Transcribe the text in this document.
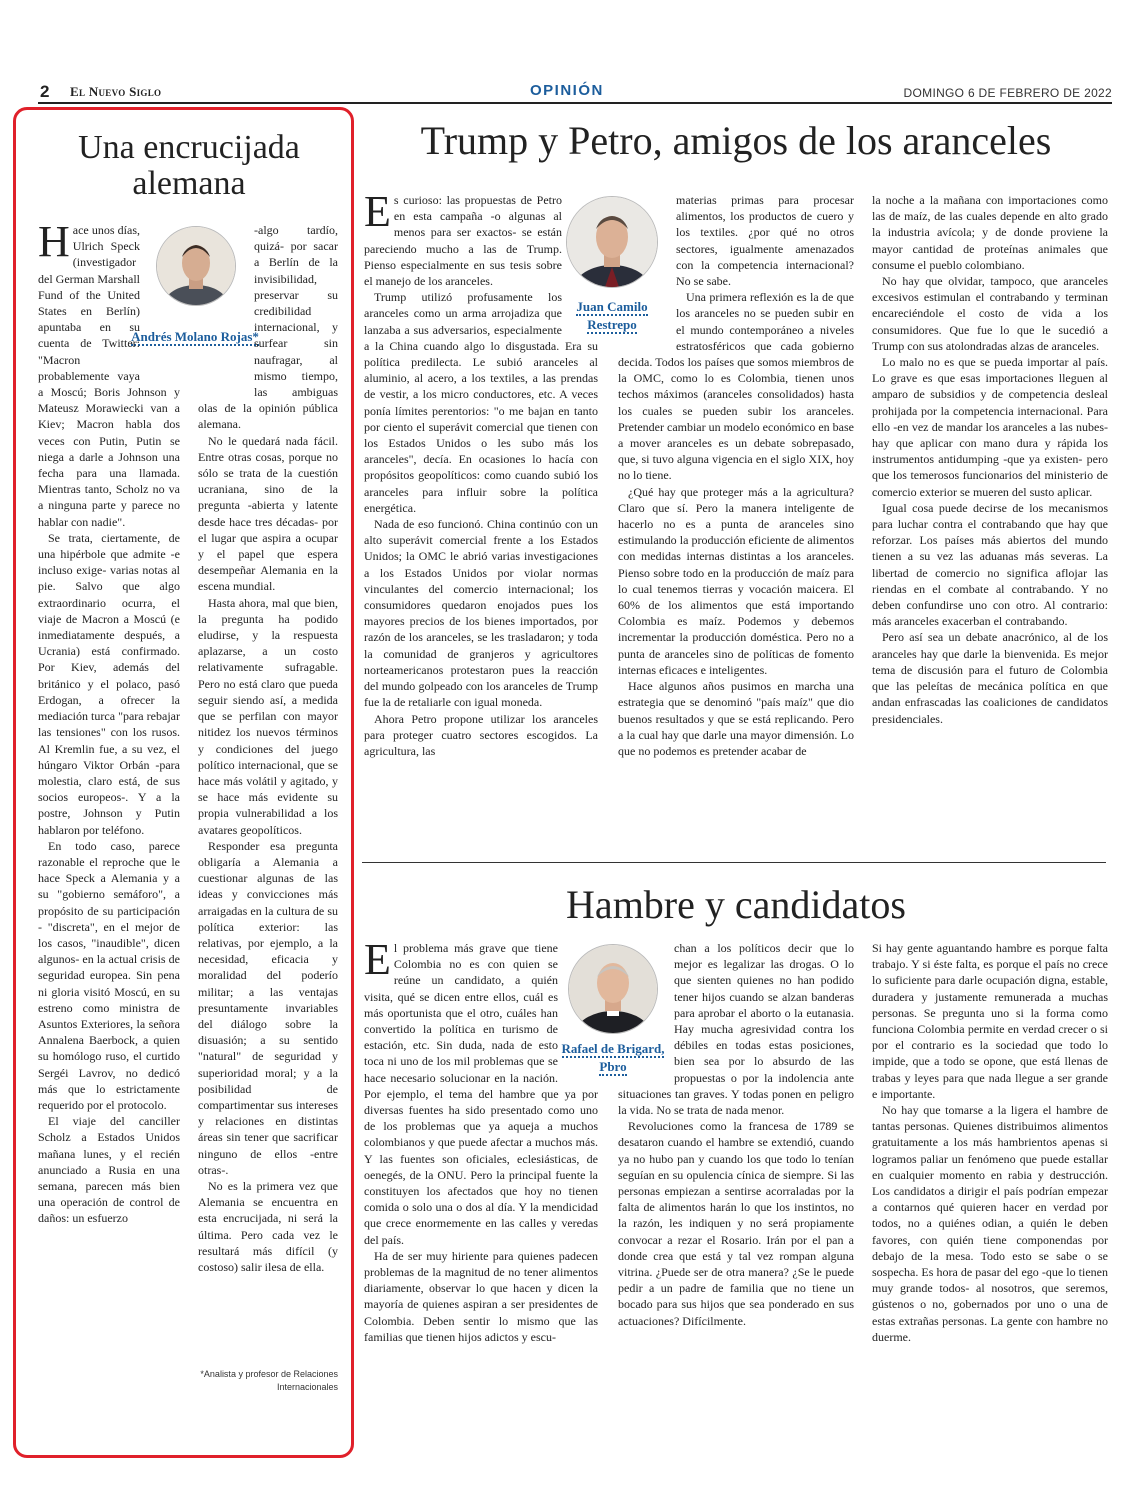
2 El Nuevo Siglo	OPINIÓN	DOMINGO 6 DE FEBRERO DE 2022
Una encrucijada alemana
Andrés Molano Rojas*

Hace unos días, Ulrich Speck (investigador del German Marshall Fund of the United States en Berlín) apuntaba en su cuenta de Twitter: "Macron probablemente vaya a Moscú; Boris Johnson y Mateusz Morawiecki van a Kiev; Macron habla dos veces con Putin, Putin se niega a darle a Johnson una fecha para una llamada. Mientras tanto, Scholz no va a ninguna parte y parece no hablar con nadie".

Se trata, ciertamente, de una hipérbole que admite -e incluso exige- varias notas al pie. Salvo que algo extraordinario ocurra, el viaje de Macron a Moscú (e inmediatamente después, a Ucrania) está confirmado. Por Kiev, además del británico y el polaco, pasó Erdogan, a ofrecer la mediación turca "para rebajar las tensiones" con los rusos. Al Kremlin fue, a su vez, el húngaro Viktor Orbán -para molestia, claro está, de sus socios europeos-. Y a la postre, Johnson y Putin hablaron por teléfono.

En todo caso, parece razonable el reproche que le hace Speck a Alemania y a su "gobierno semáforo", a propósito de su participación - "discreta", en el mejor de los casos, "inaudible", dicen algunos- en la actual crisis de seguridad europea. Sin pena ni gloria visitó Moscú, en su estreno como ministra de Asuntos Exteriores, la señora Annalena Baerbock, a quien su homólogo ruso, el curtido Sergéi Lavrov, no dedicó más que lo estrictamente requerido por el protocolo.

El viaje del canciller Scholz a Estados Unidos mañana lunes, y el recién anunciado a Rusia en una semana, parecen más bien una operación de control de daños: un esfuerzo

-algo tardío, quizá- por sacar a Berlín de la invisibilidad, preservar su credibilidad internacional, y surfear sin naufragar, al mismo tiempo, las ambiguas olas de la opinión pública alemana.

No le quedará nada fácil. Entre otras cosas, porque no sólo se trata de la cuestión ucraniana, sino de la pregunta -abierta y latente desde hace tres décadas- por el lugar que aspira a ocupar y el papel que espera desempeñar Alemania en la escena mundial.

Hasta ahora, mal que bien, la pregunta ha podido eludirse, y la respuesta aplazarse, a un costo relativamente sufragable. Pero no está claro que pueda seguir siendo así, a medida que se perfilan con mayor nitidez los nuevos términos y condiciones del juego político internacional, que se hace más volátil y agitado, y se hace más evidente su propia vulnerabilidad a los avatares geopolíticos.

Responder esa pregunta obligaría a Alemania a cuestionar algunas de las ideas y convicciones más arraigadas en la cultura de su política exterior: las relativas, por ejemplo, a la necesidad, eficacia y moralidad del poderío militar; a las ventajas presuntamente invariables del diálogo sobre la disuasión; a su sentido "natural" de seguridad y superioridad moral; y a la posibilidad de compartimentar sus intereses y relaciones en distintas áreas sin tener que sacrificar ninguno de ellos -entre otras-.

No es la primera vez que Alemania se encuentra en esta encrucijada, ni será la última. Pero cada vez le resultará más difícil (y costoso) salir ilesa de ella.

*Analista y profesor de Relaciones Internacionales
Trump y Petro, amigos de los aranceles
Juan Camilo Restrepo

Es curioso: las propuestas de Petro en esta campaña -o algunas al menos para ser exactos- se están pareciendo mucho a las de Trump. Pienso especialmente en sus tesis sobre el manejo de los aranceles.

Trump utilizó profusamente los aranceles como un arma arrojadiza que lanzaba a sus adversarios, especialmente a la China cuando algo lo disgustada. Era su política predilecta. Le subió aranceles al aluminio, al acero, a los textiles, a las prendas de vestir, a los micro conductores, etc. A veces ponía límites perentorios: "o me bajan en tanto por ciento el superávit comercial que tienen con los Estados Unidos o les subo más los aranceles", decía. En ocasiones lo hacía con propósitos geopolíticos: como cuando subió los aranceles para influir sobre la política energética.

Nada de eso funcionó. China continúo con un alto superávit comercial frente a los Estados Unidos; la OMC le abrió varias investigaciones a los Estados Unidos por violar normas vinculantes del comercio internacional; los consumidores quedaron enojados pues los mayores precios de los bienes importados, por razón de los aranceles, se les trasladaron; y toda la comunidad de granjeros y agricultores norteamericanos protestaron pues la reacción del mundo golpeado con los aranceles de Trump fue la de retaliarle con igual moneda.

Ahora Petro propone utilizar los aranceles para proteger cuatro sectores escogidos. La agricultura, las

materias primas para procesar alimentos, los productos de cuero y los textiles. ¿por qué no otros sectores, igualmente amenazados con la competencia internacional? No se sabe.

Una primera reflexión es la de que los aranceles no se pueden subir en el mundo contemporáneo a niveles estratosféricos que cada gobierno decida. Todos los países que somos miembros de la OMC, como lo es Colombia, tienen unos techos máximos (aranceles consolidados) hasta los cuales se pueden subir los aranceles. Pretender cambiar un modelo económico en base a mover aranceles es un debate sobrepasado, que, si tuvo alguna vigencia en el siglo XIX, hoy no lo tiene.

¿Qué hay que proteger más a la agricultura? Claro que sí. Pero la manera inteligente de hacerlo no es a punta de aranceles sino estimulando la producción eficiente de alimentos con medidas internas distintas a los aranceles. Pienso sobre todo en la producción de maíz para lo cual tenemos tierras y vocación maicera. El 60% de los alimentos que está importando Colombia es maíz. Podemos y debemos incrementar la producción doméstica. Pero no a punta de aranceles sino de políticas de fomento internas eficaces e inteligentes.

Hace algunos años pusimos en marcha una estrategia que se denominó "país maíz" que dio buenos resultados y que se está replicando. Pero a la cual hay que darle una mayor dimensión. Lo que no podemos es pretender acabar de

la noche a la mañana con importaciones como las de maíz, de las cuales depende en alto grado la industria avícola; y de donde proviene la mayor cantidad de proteínas animales que consume el pueblo colombiano.

No hay que olvidar, tampoco, que aranceles excesivos estimulan el contrabando y terminan encareciéndole el costo de vida a los consumidores. Que fue lo que le sucedió a Trump con sus atolondradas alzas de aranceles.

Lo malo no es que se pueda importar al país. Lo grave es que esas importaciones lleguen al amparo de subsidios y de competencia desleal prohijada por la competencia internacional. Para ello -en vez de mandar los aranceles a las nubes- hay que aplicar con mano dura y rápida los instrumentos antidumping -que ya existen- pero que los temerosos funcionarios del ministerio de comercio exterior se mueren del susto aplicar.

Igual cosa puede decirse de los mecanismos para luchar contra el contrabando que hay que reforzar. Los países más abiertos del mundo tienen a su vez las aduanas más severas. La libertad de comercio no significa aflojar las riendas en el combate al contrabando. Y no deben confundirse uno con otro. Al contrario: más aranceles exacerban el contrabando.

Pero así sea un debate anacrónico, al de los aranceles hay que darle la bienvenida. Es mejor tema de discusión para el futuro de Colombia que las peleítas de mecánica política en que andan enfrascadas las coaliciones de candidatos presidenciales.

Hambre y candidatos
Rafael de Brigard, Pbro

El problema más grave que tiene Colombia no es con quien se reúne un candidato, a quién visita, qué se dicen entre ellos, cuál es más oportunista que el otro, cuáles han convertido la política en turismo de estación, etc. Sin duda, nada de esto toca ni uno de los mil problemas que se hace necesario solucionar en la nación. Por ejemplo, el tema del hambre que ya por diversas fuentes ha sido presentado como uno de los problemas que ya aqueja a muchos colombianos y que puede afectar a muchos más. Y las fuentes son oficiales, eclesiásticas, de oenegés, de la ONU. Pero la principal fuente la constituyen los afectados que hoy no tienen comida o solo una o dos al día. Y la mendicidad que crece enormemente en las calles y veredas del país.

Ha de ser muy hiriente para quienes padecen problemas de la magnitud de no tener alimentos diariamente, observar lo que hacen y dicen la mayoría de quienes aspiran a ser presidentes de Colombia. Deben sentir lo mismo que las familias que tienen hijos adictos y escu-

chan a los políticos decir que lo mejor es legalizar las drogas. O lo que sienten quienes no han podido tener hijos cuando se alzan banderas para aprobar el aborto o la eutanasia. Hay mucha agresividad contra los débiles en todas estas posiciones, bien sea por lo absurdo de las propuestas o por la indolencia ante situaciones tan graves. Y todas ponen en peligro la vida. No se trata de nada menor.

Revoluciones como la francesa de 1789 se desataron cuando el hambre se extendió, cuando ya no hubo pan y cuando los que todo lo tenían seguían en su opulencia cínica de siempre. Si las personas empiezan a sentirse acorraladas por la falta de alimentos harán lo que los instintos, no la razón, les indiquen y no será propiamente convocar a rezar el Rosario. Irán por el pan a donde crea que está y tal vez rompan alguna vitrina. ¿Puede ser de otra manera? ¿Se le puede pedir a un padre de familia que no tiene un bocado para sus hijos que sea ponderado en sus actuaciones? Difícilmente.

Si hay gente aguantando hambre es porque falta trabajo. Y si éste falta, es porque el país no crece lo suficiente para darle ocupación digna, estable, duradera y justamente remunerada a muchas personas. Se pregunta uno si la forma como funciona Colombia permite en verdad crecer o si por el contrario es la sociedad que todo lo impide, que a todo se opone, que está llenas de trabas y leyes para que nada llegue a ser grande e importante.

No hay que tomarse a la ligera el hambre de tantas personas. Quienes distribuimos alimentos gratuitamente a los más hambrientos apenas si logramos paliar un fenómeno que puede estallar en cualquier momento en rabia y destrucción. Los candidatos a dirigir el país podrían empezar a contarnos qué quieren hacer en verdad por todos, no a quiénes odian, a quién le deben favores, con quién tiene componendas por debajo de la mesa. Todo esto se sabe o se sospecha. Es hora de pasar del ego -que lo tienen muy grande todos- al nosotros, que seremos, gústenos o no, gobernados por uno o una de estas extrañas personas. La gente con hambre no duerme.
